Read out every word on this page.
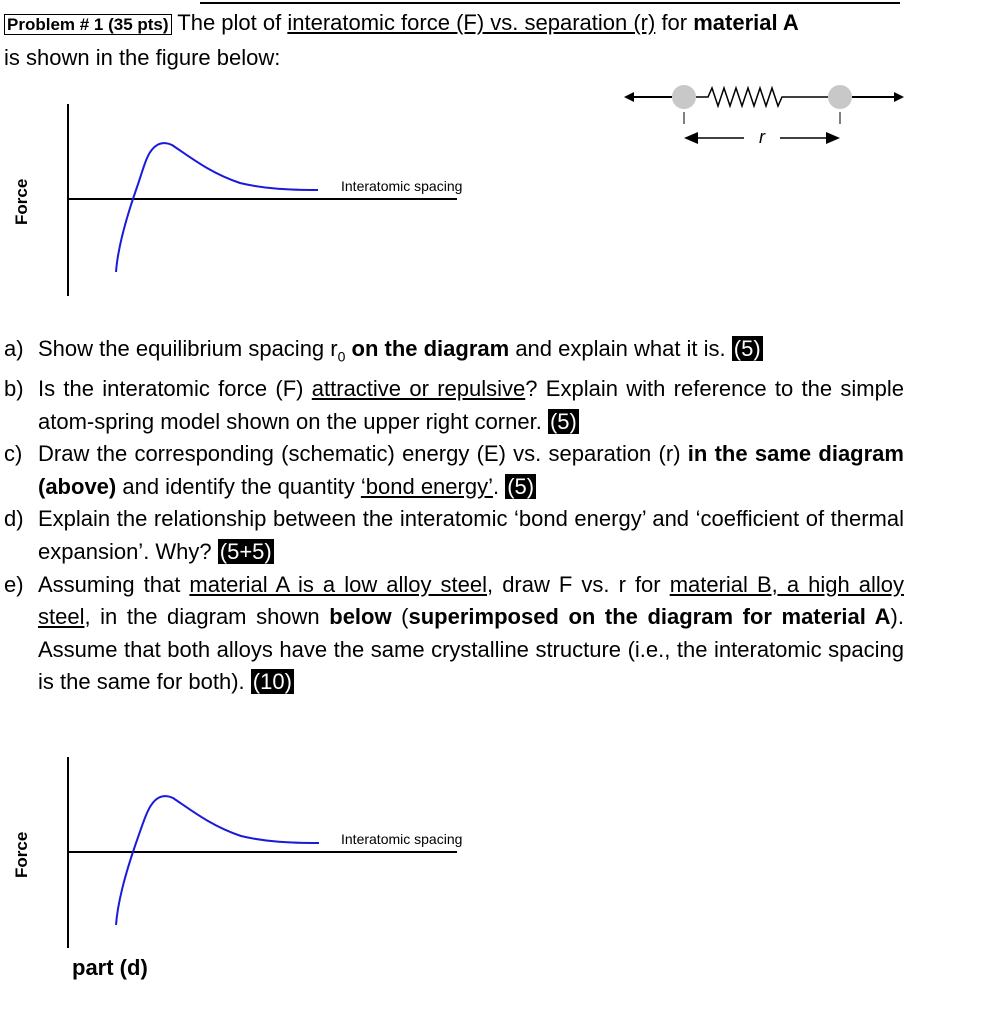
Problem # 1 (35 pts) The plot of interatomic force (F) vs. separation (r) for material A
is shown in the figure below:
Force	Interatomic spacing
r
a) Show the equilibrium spacing $r_0$ on the diagram and explain what it is. (5)
b) Is the interatomic force (F) attractive or repulsive? Explain with reference to the simple atom-spring model shown on the upper right corner. (5)
c) Draw the corresponding (schematic) energy (E) vs. separation (r) in the same diagram (above) and identify the quantity ‘bond energy’. (5)
d) Explain the relationship between the interatomic ‘bond energy’ and ‘coefficient of thermal expansion’. Why? (5+5)
e) Assuming that material A is a low alloy steel, draw F vs. r for material B, a high alloy steel, in the diagram shown below (superimposed on the diagram for material A). Assume that both alloys have the same crystalline structure (i.e., the interatomic spacing is the same for both). (10)
Force	Interatomic spacing
part (d)
